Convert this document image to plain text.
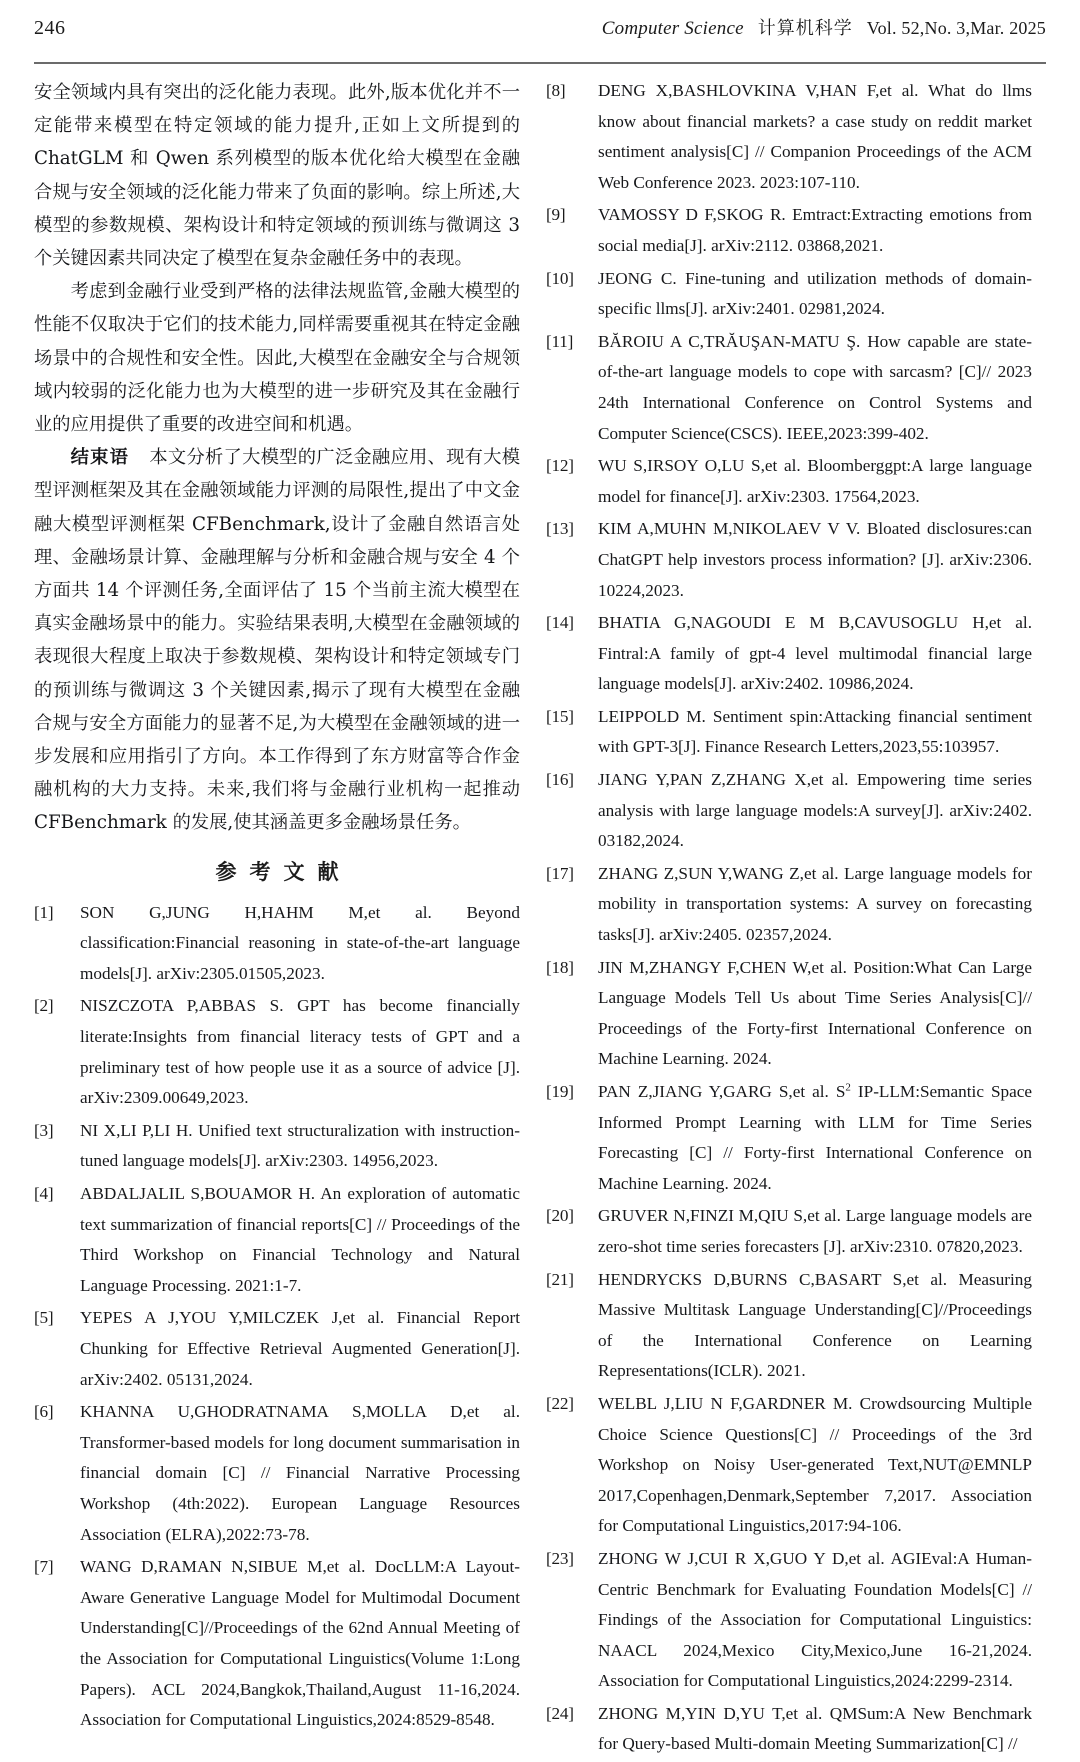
246	Computer Science 计算机科学 Vol. 52,No. 3,Mar. 2025

安全领域内具有突出的泛化能力表现。此外,版本优化并不一定能带来模型在特定领域的能力提升,正如上文所提到的 ChatGLM 和 Qwen 系列模型的版本优化给大模型在金融合规与安全领域的泛化能力带来了负面的影响。综上所述,大模型的参数规模、架构设计和特定领域的预训练与微调这 3 个关键因素共同决定了模型在复杂金融任务中的表现。

考虑到金融行业受到严格的法律法规监管,金融大模型的性能不仅取决于它们的技术能力,同样需要重视其在特定金融场景中的合规性和安全性。因此,大模型在金融安全与合规领域内较弱的泛化能力也为大模型的进一步研究及其在金融行业的应用提供了重要的改进空间和机遇。

结束语 本文分析了大模型的广泛金融应用、现有大模型评测框架及其在金融领域能力评测的局限性,提出了中文金融大模型评测框架 CFBenchmark,设计了金融自然语言处理、金融场景计算、金融理解与分析和金融合规与安全 4 个方面共 14 个评测任务,全面评估了 15 个当前主流大模型在真实金融场景中的能力。实验结果表明,大模型在金融领域的表现很大程度上取决于参数规模、架构设计和特定领域专门的预训练与微调这 3 个关键因素,揭示了现有大模型在金融合规与安全方面能力的显著不足,为大模型在金融领域的进一步发展和应用指引了方向。本工作得到了东方财富等合作金融机构的大力支持。未来,我们将与金融行业机构一起推动 CFBenchmark 的发展,使其涵盖更多金融场景任务。

参考文献
[1]	SON G,JUNG H,HAHM M,et al. Beyond classification:Financial reasoning in state-of-the-art language models[J]. arXiv:2305.01505,2023.
[2]	NISZCZOTA P,ABBAS S. GPT has become financially literate:Insights from financial literacy tests of GPT and a preliminary test of how people use it as a source of advice [J]. arXiv:2309.00649,2023.
[3]	NI X,LI P,LI H. Unified text structuralization with instruction-tuned language models[J]. arXiv:2303. 14956,2023.
[4]	ABDALJALIL S,BOUAMOR H. An exploration of automatic text summarization of financial reports[C] // Proceedings of the Third Workshop on Financial Technology and Natural Language Processing. 2021:1-7.
[5]	YEPES A J,YOU Y,MILCZEK J,et al. Financial Report Chunking for Effective Retrieval Augmented Generation[J]. arXiv:2402. 05131,2024.
[6]	KHANNA U,GHODRATNAMA S,MOLLA D,et al. Transformer-based models for long document summarisation in financial domain [C] // Financial Narrative Processing Workshop (4th:2022). European Language Resources Association (ELRA),2022:73-78.
[7]	WANG D,RAMAN N,SIBUE M,et al. DocLLM:A Layout-Aware Generative Language Model for Multimodal Document Understanding[C]//Proceedings of the 62nd Annual Meeting of the Association for Computational Linguistics(Volume 1:Long Papers). ACL 2024,Bangkok,Thailand,August 11-16,2024. Association for Computational Linguistics,2024:8529-8548.
[8]	DENG X,BASHLOVKINA V,HAN F,et al. What do llms know about financial markets? a case study on reddit market sentiment analysis[C] // Companion Proceedings of the ACM Web Conference 2023. 2023:107-110.
[9]	VAMOSSY D F,SKOG R. Emtract:Extracting emotions from social media[J]. arXiv:2112. 03868,2021.
[10]	JEONG C. Fine-tuning and utilization methods of domain-specific llms[J]. arXiv:2401. 02981,2024.
[11]	BĂROIU A C,TRĂUŞAN-MATU Ş. How capable are state-of-the-art language models to cope with sarcasm? [C]// 2023 24th International Conference on Control Systems and Computer Science(CSCS). IEEE,2023:399-402.
[12]	WU S,IRSOY O,LU S,et al. Bloomberggpt:A large language model for finance[J]. arXiv:2303. 17564,2023.
[13]	KIM A,MUHN M,NIKOLAEV V V. Bloated disclosures:can ChatGPT help investors process information? [J]. arXiv:2306. 10224,2023.
[14]	BHATIA G,NAGOUDI E M B,CAVUSOGLU H,et al. Fintral:A family of gpt-4 level multimodal financial large language models[J]. arXiv:2402. 10986,2024.
[15]	LEIPPOLD M. Sentiment spin:Attacking financial sentiment with GPT-3[J]. Finance Research Letters,2023,55:103957.
[16]	JIANG Y,PAN Z,ZHANG X,et al. Empowering time series analysis with large language models:A survey[J]. arXiv:2402. 03182,2024.
[17]	ZHANG Z,SUN Y,WANG Z,et al. Large language models for mobility in transportation systems: A survey on forecasting tasks[J]. arXiv:2405. 02357,2024.
[18]	JIN M,ZHANGY F,CHEN W,et al. Position:What Can Large Language Models Tell Us about Time Series Analysis[C]// Proceedings of the Forty-first International Conference on Machine Learning. 2024.
[19]	PAN Z,JIANG Y,GARG S,et al. $S^2$ IP-LLM:Semantic Space Informed Prompt Learning with LLM for Time Series Forecasting [C] // Forty-first International Conference on Machine Learning. 2024.
[20]	GRUVER N,FINZI M,QIU S,et al. Large language models are zero-shot time series forecasters [J]. arXiv:2310. 07820,2023.
[21]	HENDRYCKS D,BURNS C,BASART S,et al. Measuring Massive Multitask Language Understanding[C]//Proceedings of the International Conference on Learning Representations(ICLR). 2021.
[22]	WELBL J,LIU N F,GARDNER M. Crowdsourcing Multiple Choice Science Questions[C] // Proceedings of the 3rd Workshop on Noisy User-generated Text,NUT@EMNLP 2017,Copenhagen,Denmark,September 7,2017. Association for Computational Linguistics,2017:94-106.
[23]	ZHONG W J,CUI R X,GUO Y D,et al. AGIEval:A Human-Centric Benchmark for Evaluating Foundation Models[C] // Findings of the Association for Computational Linguistics: NAACL 2024,Mexico City,Mexico,June 16-21,2024. Association for Computational Linguistics,2024:2299-2314.
[24]	ZHONG M,YIN D,YU T,et al. QMSum:A New Benchmark for Query-based Multi-domain Meeting Summarization[C] //
